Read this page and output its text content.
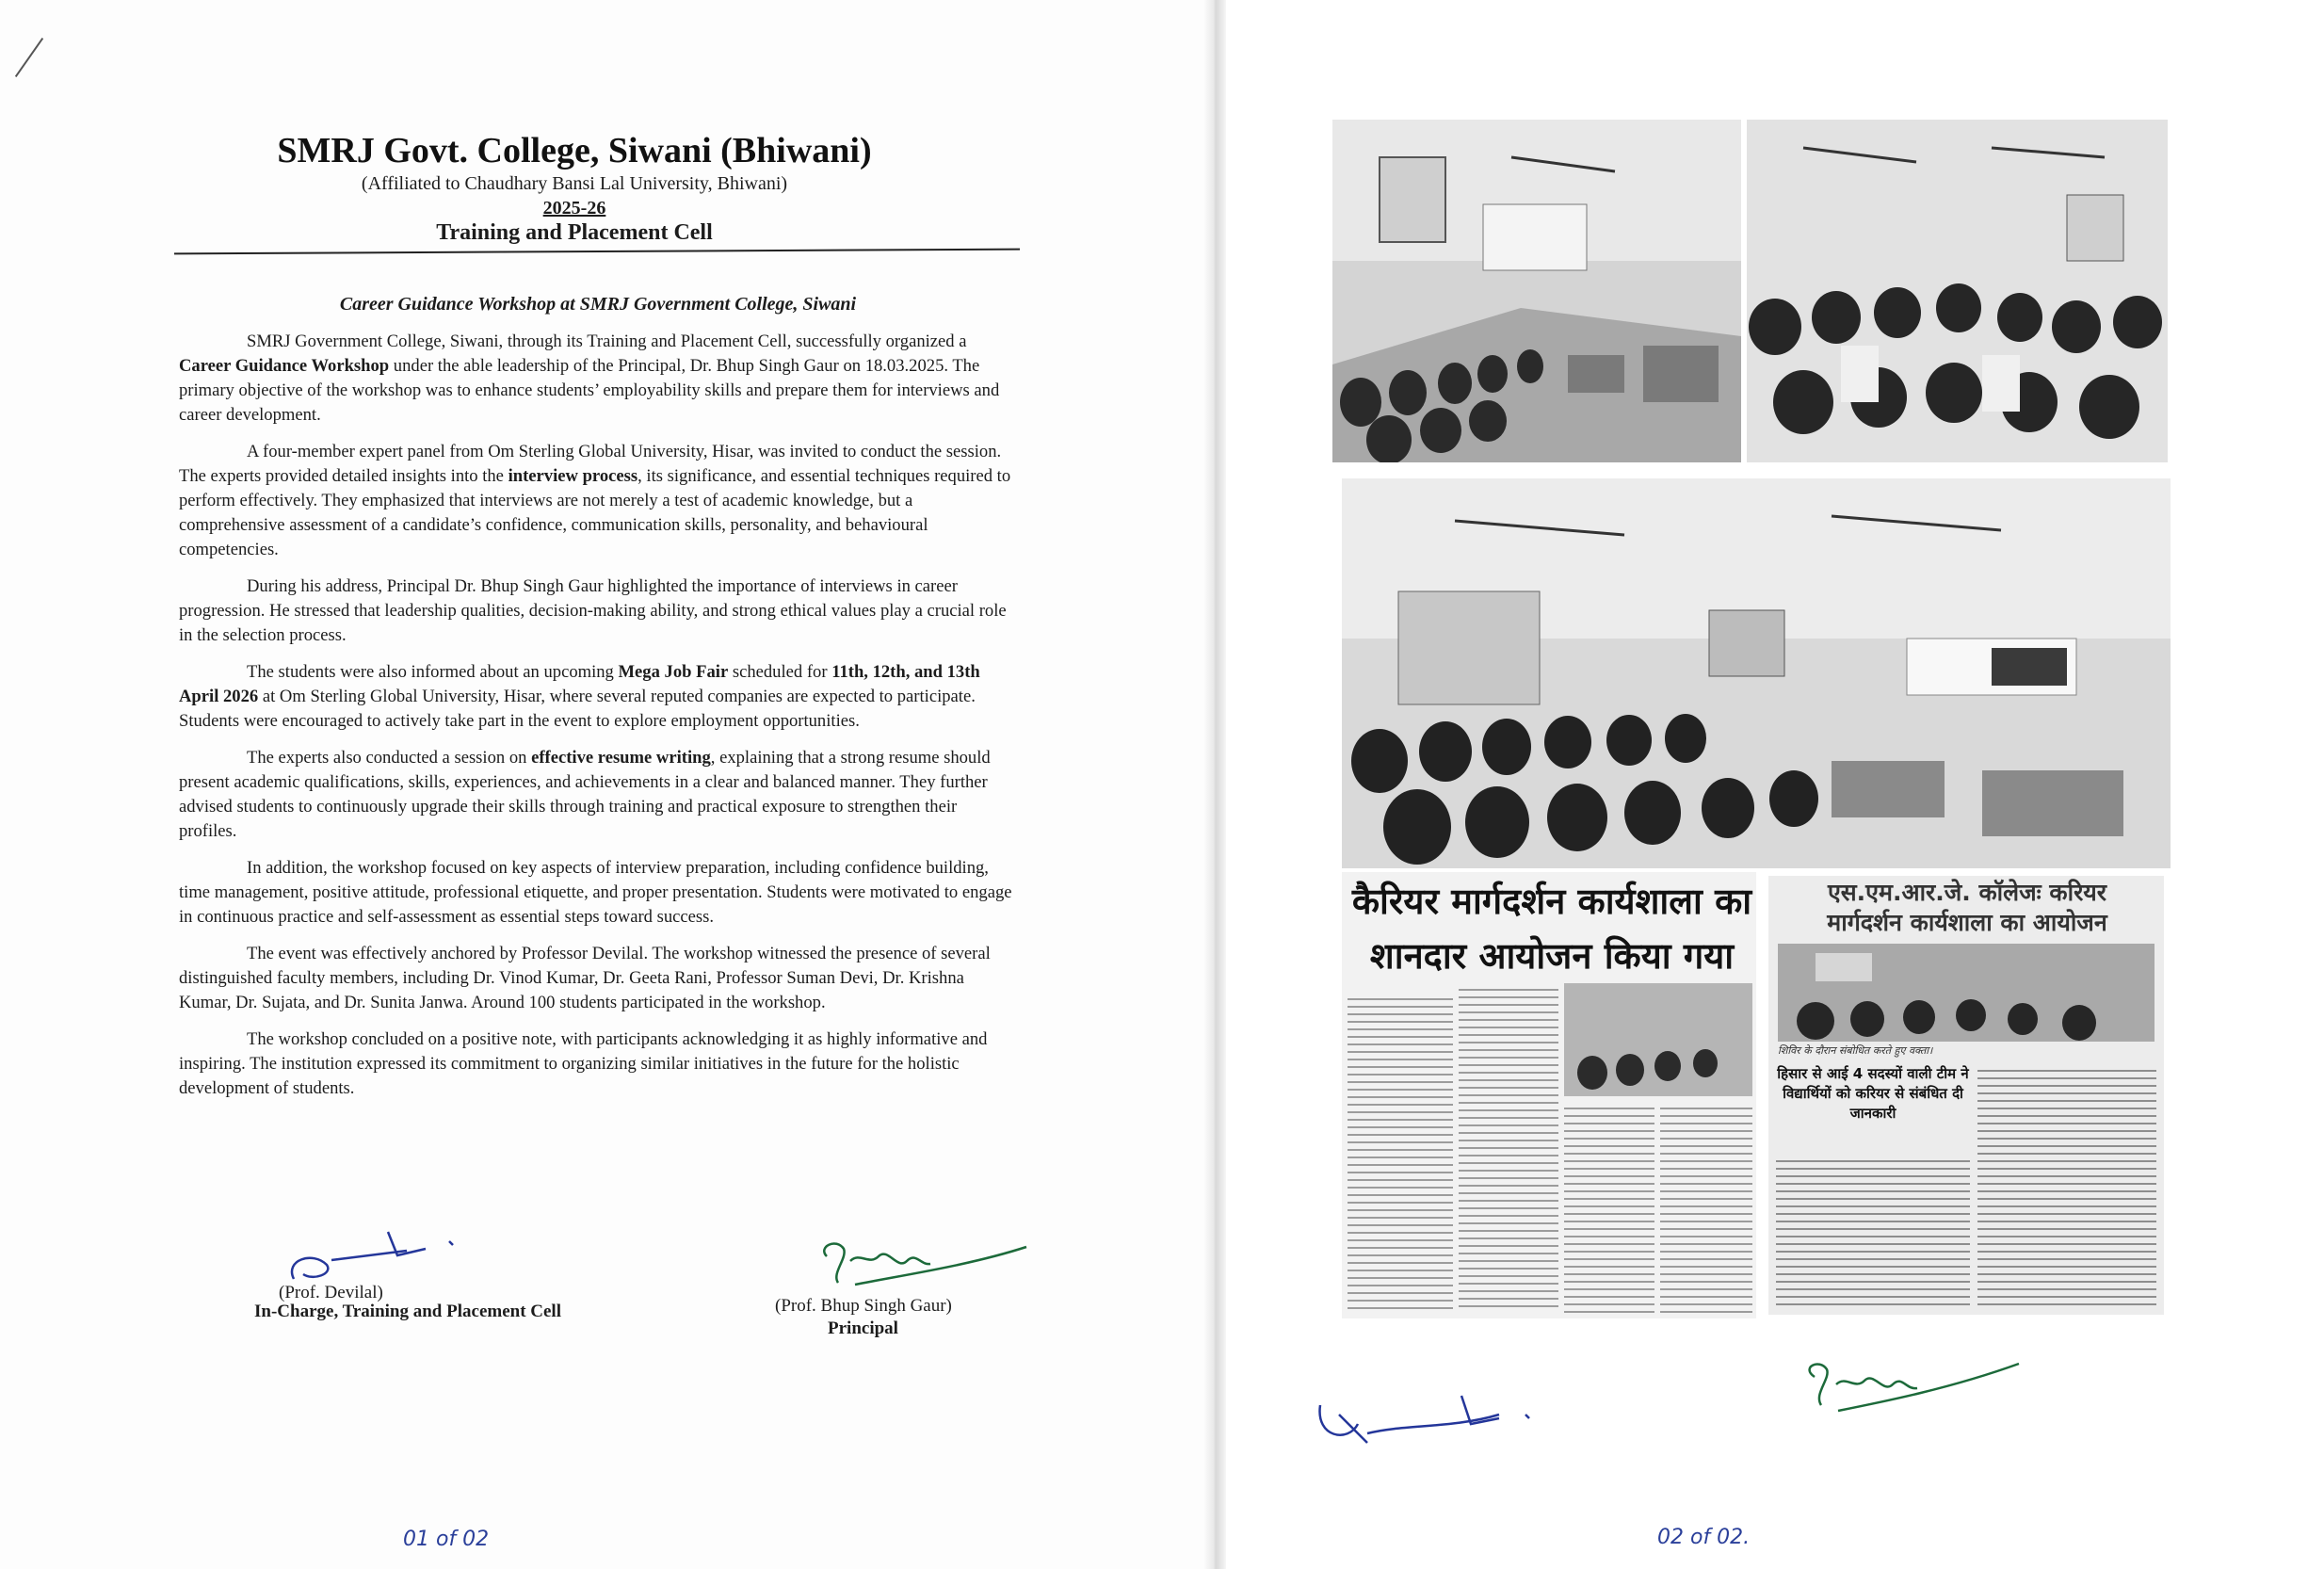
SMRJ Govt. College, Siwani (Bhiwani)
(Affiliated to Chaudhary Bansi Lal University, Bhiwani)
2025-26
Training and Placement Cell
Career Guidance Workshop at SMRJ Government College, Siwani

SMRJ Government College, Siwani, through its Training and Placement Cell, successfully organized a Career Guidance Workshop under the able leadership of the Principal, Dr. Bhup Singh Gaur on 18.03.2025. The primary objective of the workshop was to enhance students’ employability skills and prepare them for interviews and career development.

A four-member expert panel from Om Sterling Global University, Hisar, was invited to conduct the session. The experts provided detailed insights into the interview process, its significance, and essential techniques required to perform effectively. They emphasized that interviews are not merely a test of academic knowledge, but a comprehensive assessment of a candidate’s confidence, communication skills, personality, and behavioural competencies.

During his address, Principal Dr. Bhup Singh Gaur highlighted the importance of interviews in career progression. He stressed that leadership qualities, decision-making ability, and strong ethical values play a crucial role in the selection process.

The students were also informed about an upcoming Mega Job Fair scheduled for 11th, 12th, and 13th April 2026 at Om Sterling Global University, Hisar, where several reputed companies are expected to participate. Students were encouraged to actively take part in the event to explore employment opportunities.

The experts also conducted a session on effective resume writing, explaining that a strong resume should present academic qualifications, skills, experiences, and achievements in a clear and balanced manner. They further advised students to continuously upgrade their skills through training and practical exposure to strengthen their profiles.

In addition, the workshop focused on key aspects of interview preparation, including confidence building, time management, positive attitude, professional etiquette, and proper presentation. Students were motivated to engage in continuous practice and self-assessment as essential steps toward success.

The event was effectively anchored by Professor Devilal. The workshop witnessed the presence of several distinguished faculty members, including Dr. Vinod Kumar, Dr. Geeta Rani, Professor Suman Devi, Dr. Krishna Kumar, Dr. Sujata, and Dr. Sunita Janwa. Around 100 students participated in the workshop.

The workshop concluded on a positive note, with participants acknowledging it as highly informative and inspiring. The institution expressed its commitment to organizing similar initiatives in the future for the holistic development of students.

(Prof. Devilal)
In-Charge, Training and Placement Cell	(Prof. Bhup Singh Gaur)
Principal
01 of 02
कैरियर मार्गदर्शन कार्यशाला का
शानदार आयोजन किया गया
एस.एम.आर.जे. कॉलेजः करियर
मार्गदर्शन कार्यशाला का आयोजन
शिविर के दौरान संबोधित करते हुए वक्ता।
हिसार से आई 4 सदस्यों वाली टीम ने विद्यार्थियों को करियर से संबंधित दी जानकारी
02 of 02.
